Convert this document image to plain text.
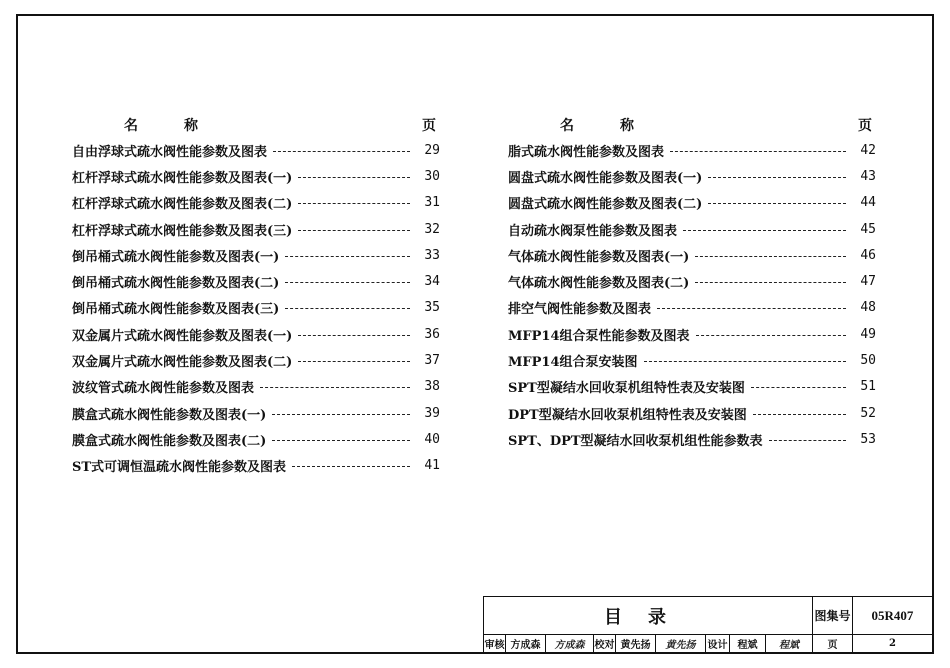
名称	页
自由浮球式疏水阀性能参数及图表	29
杠杆浮球式疏水阀性能参数及图表(一)	30
杠杆浮球式疏水阀性能参数及图表(二)	31
杠杆浮球式疏水阀性能参数及图表(三)	32
倒吊桶式疏水阀性能参数及图表(一)	33
倒吊桶式疏水阀性能参数及图表(二)	34
倒吊桶式疏水阀性能参数及图表(三)	35
双金属片式疏水阀性能参数及图表(一)	36
双金属片式疏水阀性能参数及图表(二)	37
波纹管式疏水阀性能参数及图表	38
膜盒式疏水阀性能参数及图表(一)	39
膜盒式疏水阀性能参数及图表(二)	40
ST式可调恒温疏水阀性能参数及图表	41
名称	页
脂式疏水阀性能参数及图表	42
圆盘式疏水阀性能参数及图表(一)	43
圆盘式疏水阀性能参数及图表(二)	44
自动疏水阀泵性能参数及图表	45
气体疏水阀性能参数及图表(一)	46
气体疏水阀性能参数及图表(二)	47
排空气阀性能参数及图表	48
MFP14组合泵性能参数及图表	49
MFP14组合泵安装图	50
SPT型凝结水回收泵机组特性表及安装图	51
DPT型凝结水回收泵机组特性表及安装图	52
SPT、DPT型凝结水回收泵机组性能参数表	53
目录	图集号	05R407
审核 方成森	方成森	校对 黄先扬	黄先扬	设计	程斌	程斌	页	2
